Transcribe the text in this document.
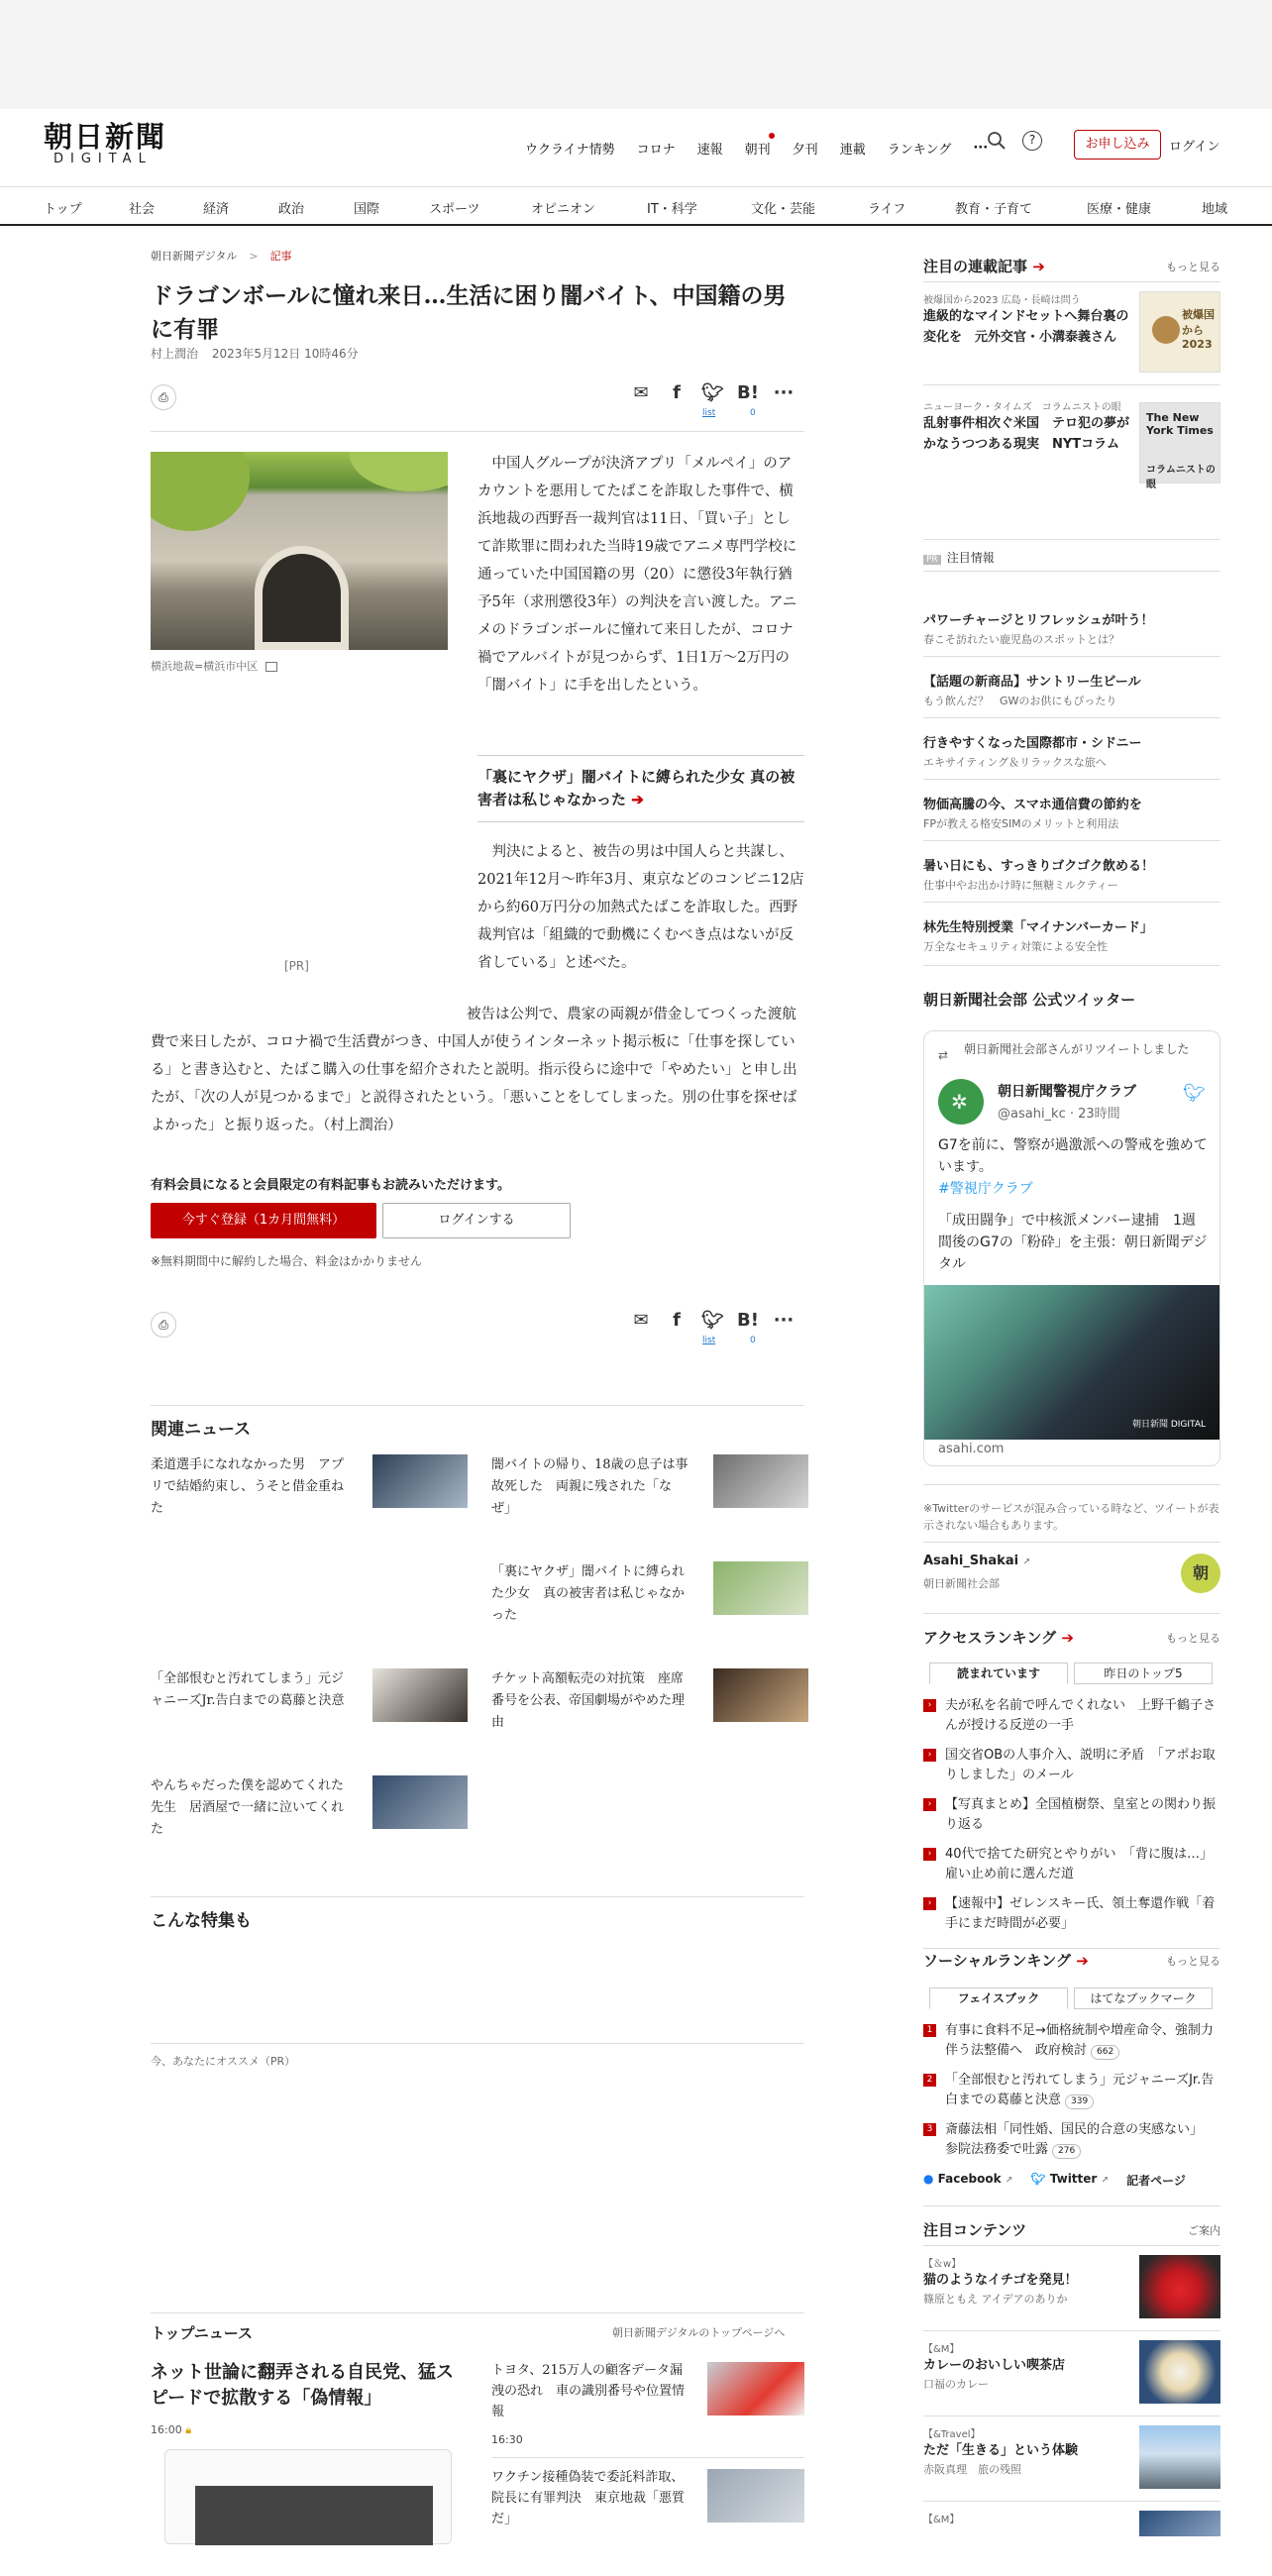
朝日新聞
DIGITAL
ウクライナ情勢 コロナ 速報 朝刊 夕刊 連載 ランキング ···
?	お申し込み	ログイン
トップ	社会	経済	政治	国際	スポーツ	オピニオン	IT・科学	文化・芸能	ライフ	教育・子育て	医療・健康	地域
朝日新聞デジタル > 記事
ドラゴンボールに憧れ来日…生活に困り闇バイト、中国籍の男に有罪
村上潤治 2023年5月12日 10時46分
⎙	✉	f	🐦︎ B! ···
list	0
横浜地裁=横浜市中区

中国人グループが決済アプリ「メルペイ」のアカウントを悪用してたばこを詐取した事件で、横浜地裁の西野吾一裁判官は11日、「買い子」として詐欺罪に問われた当時19歳でアニメ専門学校に通っていた中国国籍の男（20）に懲役3年執行猶予5年（求刑懲役3年）の判決を言い渡した。アニメのドラゴンボールに憧れて来日したが、コロナ禍でアルバイトが見つからず、1日1万～2万円の「闇バイト」に手を出したという。

「裏にヤクザ」闇バイトに縛られた少女 真の被害者は私じゃなかった ➔

判決によると、被告の男は中国人らと共謀し、2021年12月～昨年3月、東京などのコンビニ12店から約60万円分の加熱式たばこを詐取した。西野裁判官は「組織的で動機にくむべき点はないが反省している」と述べた。

[PR]

被告は公判で、農家の両親が借金してつくった渡航費で来日したが、コロナ禍で生活費がつき、中国人が使うインターネット掲示板に「仕事を探している」と書き込むと、たばこ購入の仕事を紹介されたと説明。指示役らに途中で「やめたい」と申し出たが、「次の人が見つかるまで」と説得されたという。「悪いことをしてしまった。別の仕事を探せばよかった」と振り返った。（村上潤治）

有料会員になると会員限定の有料記事もお読みいただけます。
今すぐ登録（1カ月間無料）	ログインする
※無料期間中に解約した場合、料金はかかりません
⎙	✉	f	🐦︎ B! ···
list	0
関連ニュース
柔道選手になれなかった男　アプリで結婚約束し、うそと借金重ねた
闇バイトの帰り、18歳の息子は事故死した　両親に残された「なぜ」
「裏にヤクザ」闇バイトに縛られた少女　真の被害者は私じゃなかった
「全部恨むと汚れてしまう」元ジャニーズJr.告白までの葛藤と決意
チケット高額転売の対抗策　座席番号を公表、帝国劇場がやめた理由
やんちゃだった僕を認めてくれた先生　居酒屋で一緒に泣いてくれた
こんな特集も
今、あなたにオススメ（PR）
トップニュース	朝日新聞デジタルのトップページへ
ネット世論に翻弄される自民党、猛スピードで拡散する「偽情報」
16:00 🔒︎
トヨタ、215万人の顧客データ漏洩の恐れ　車の識別番号や位置情報
16:30
ワクチン接種偽装で委託料詐取、院長に有罪判決　東京地裁「悪質だ」
注目の連載記事 ➔	もっと見る
被爆国から2023 広島・長崎は問う
進級的なマインドセットへ舞台裏の変化を　元外交官・小溝泰義さん
被爆国
から
2023
ニューヨーク・タイムズ　コラムニストの眼
乱射事件相次ぐ米国　テロ犯の夢がかなうつつある現実　NYTコラム
The New York Times
コラムニストの眼
PR 注目情報
パワーチャージとリフレッシュが叶う！
春こそ訪れたい鹿児島のスポットとは？
【話題の新商品】サントリー生ビール
もう飲んだ？　GWのお供にもぴったり
行きやすくなった国際都市・シドニー
エキサイティング＆リラックスな旅へ
物価高騰の今、スマホ通信費の節約を
FPが教える格安SIMのメリットと利用法
暑い日にも、すっきりゴクゴク飲める！
仕事中やお出かけ時に無糖ミルクティー
林先生特別授業「マイナンバーカード」
万全なセキュリティ対策による安全性
朝日新聞社会部 公式ツイッター
⇄ 朝日新聞社会部さんがリツイートしました
✲ 朝日新聞警視庁クラブ
@asahi_kc · 23時間
🐦︎
G7を前に、警察が過激派への警戒を強めています。
#警視庁クラブ
「成田闘争」で中核派メンバー逮捕　1週間後のG7の「粉砕」を主張：朝日新聞デジタル
朝日新聞 DIGITAL
asahi.com
※Twitterのサービスが混み合っている時など、ツイートが表示されない場合もあります。
Asahi_Shakai ↗
朝日新聞社会部
朝
アクセスランキング ➔	もっと見る
読まれています	昨日のトップ5
›	夫が私を名前で呼んでくれない　上野千鶴子さんが授ける反逆の一手
›	国交省OBの人事介入、説明に矛盾　「アポお取りしました」のメール
›	【写真まとめ】全国植樹祭、皇室との関わり振り返る
›	40代で捨てた研究とやりがい　「背に腹は…」雇い止め前に選んだ道
›	【速報中】ゼレンスキー氏、領土奪還作戦「着手にまだ時間が必要」
ソーシャルランキング ➔	もっと見る
フェイスブック	はてなブックマーク
1 有事に食料不足→価格統制や増産命令、強制力伴う法整備へ　政府検討 662
2 「全部恨むと汚れてしまう」元ジャニーズJr.告白までの葛藤と決意 339
3 斎藤法相「同性婚、国民的合意の実感ない」　参院法務委で吐露 276
● Facebook ↗ 🐦︎ Twitter ↗ 記者ページ
注目コンテンツ	ご案内
【＆w】
猫のようなイチゴを発見！
篠原ともえ アイデアのありか
【&M】
カレーのおいしい喫茶店
口福のカレー
【&Travel】
ただ「生きる」という体験
赤阪真理　旅の残照
【&M】
